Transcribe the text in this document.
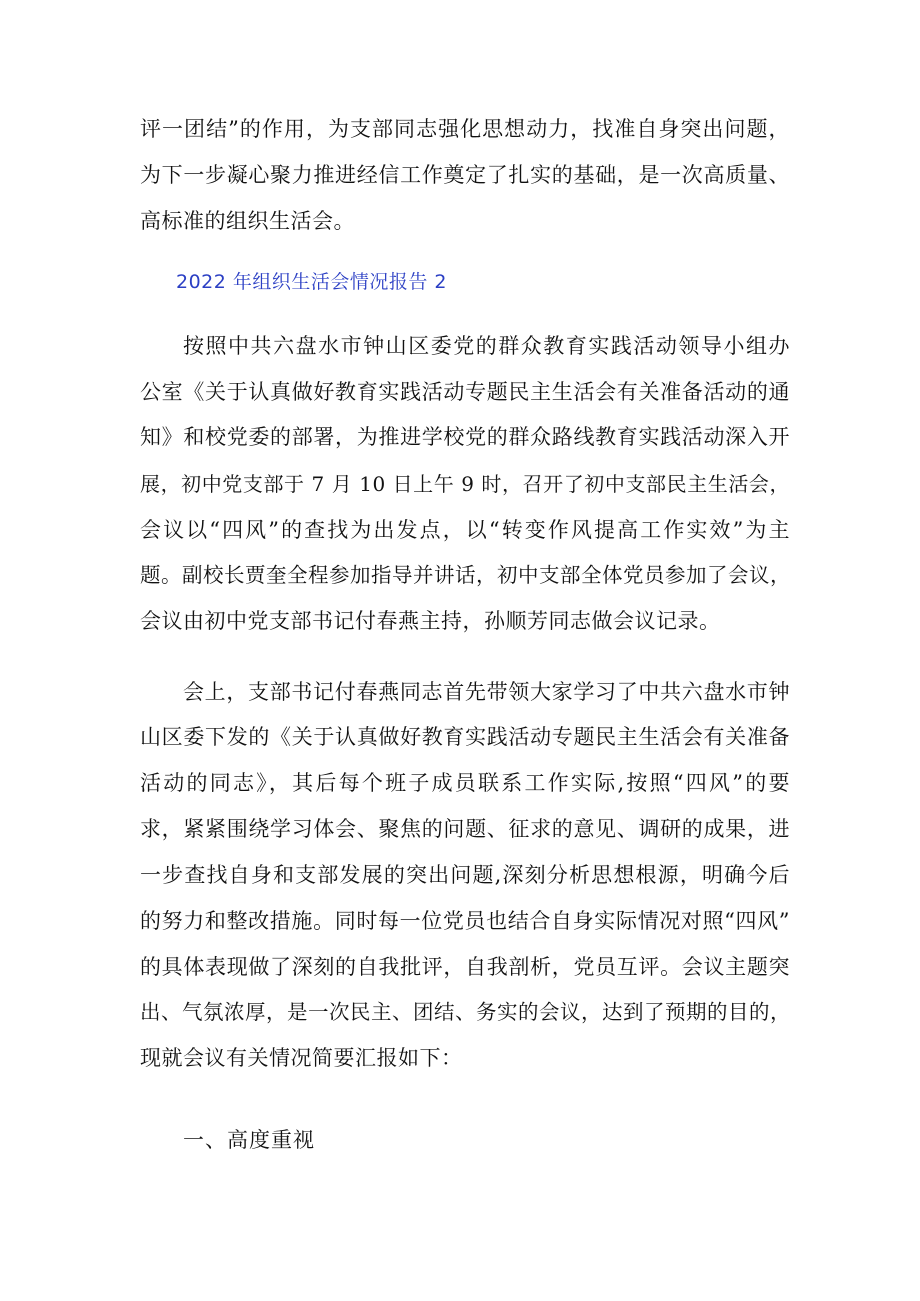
评一团结”的作用，为支部同志强化思想动力，找准自身突出问题，
为下一步凝心聚力推进经信工作奠定了扎实的基础，是一次高质量、
高标准的组织生活会。
2022 年组织生活会情况报告 2
按照中共六盘水市钟山区委党的群众教育实践活动领导小组办
公室《关于认真做好教育实践活动专题民主生活会有关准备活动的通
知》和校党委的部署，为推进学校党的群众路线教育实践活动深入开
展，初中党支部于 7 月 10 日上午 9 时，召开了初中支部民主生活会，
会议以“四风”的查找为出发点，以“转变作风提高工作实效”为主
题。副校长贾奎全程参加指导并讲话，初中支部全体党员参加了会议，
会议由初中党支部书记付春燕主持，孙顺芳同志做会议记录。
会上，支部书记付春燕同志首先带领大家学习了中共六盘水市钟
山区委下发的《关于认真做好教育实践活动专题民主生活会有关准备
活动的同志》，其后每个班子成员联系工作实际,按照“四风”的要
求，紧紧围绕学习体会、聚焦的问题、征求的意见、调研的成果，进
一步查找自身和支部发展的突出问题,深刻分析思想根源，明确今后
的努力和整改措施。同时每一位党员也结合自身实际情况对照“四风”
的具体表现做了深刻的自我批评，自我剖析，党员互评。会议主题突
出、气氛浓厚，是一次民主、团结、务实的会议，达到了预期的目的，
现就会议有关情况简要汇报如下：
一、高度重视
